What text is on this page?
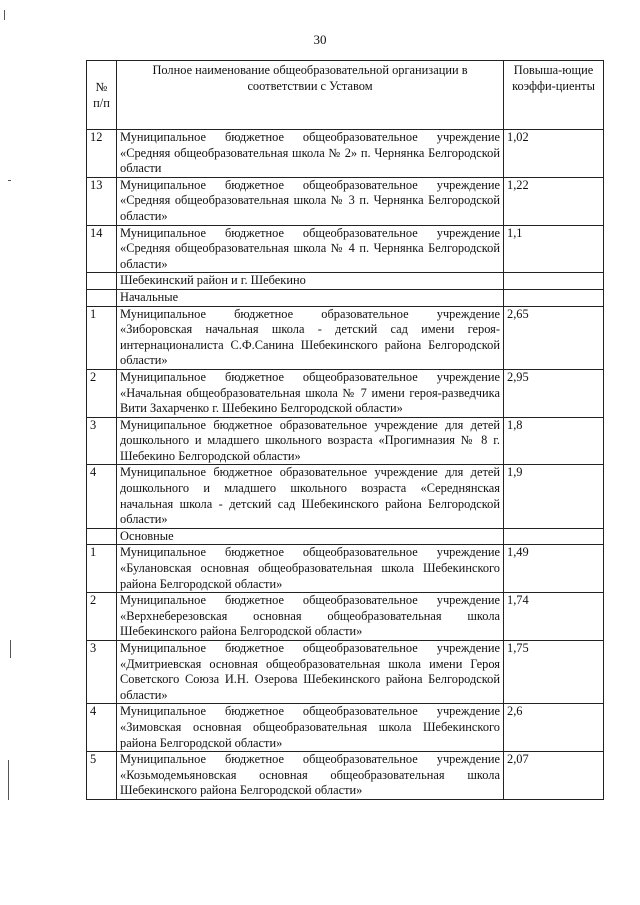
30
№ п/п	Полное наименование общеобразовательной организации в соответствии с Уставом	Повыша-ющие коэффи-циенты
12	Муниципальное бюджетное общеобразовательное учреждение «Средняя общеобразовательная школа № 2» п. Чернянка Белгородской области	1,02
13	Муниципальное бюджетное общеобразовательное учреждение «Средняя общеобразовательная школа № 3 п. Чернянка Белгородской области»	1,22
14	Муниципальное бюджетное общеобразовательное учреждение «Средняя общеобразовательная школа № 4 п. Чернянка Белгородской области»	1,1
	Шебекинский район и г. Шебекино	
	Начальные	
1	Муниципальное бюджетное образовательное учреждение «Зиборовская начальная школа - детский сад имени героя-интернационалиста С.Ф.Санина Шебекинского района Белгородской области»	2,65
2	Муниципальное бюджетное общеобразовательное учреждение «Начальная общеобразовательная школа № 7 имени героя-разведчика Вити Захарченко г. Шебекино Белгородской области»	2,95
3	Муниципальное бюджетное образовательное учреждение для детей дошкольного и младшего школьного возраста «Прогимназия № 8 г. Шебекино Белгородской области»	1,8
4	Муниципальное бюджетное образовательное учреждение для детей дошкольного и младшего школьного возраста «Середнянская начальная школа - детский сад Шебекинского района Белгородской области»	1,9
	Основные	
1	Муниципальное бюджетное общеобразовательное учреждение «Булановская основная общеобразовательная школа Шебекинского района Белгородской области»	1,49
2	Муниципальное бюджетное общеобразовательное учреждение «Верхнеберезовская основная общеобразовательная школа Шебекинского района Белгородской области»	1,74
3	Муниципальное бюджетное общеобразовательное учреждение «Дмитриевская основная общеобразовательная школа имени Героя Советского Союза И.Н. Озерова Шебекинского района Белгородской области»	1,75
4	Муниципальное бюджетное общеобразовательное учреждение «Зимовская основная общеобразовательная школа Шебекинского района Белгородской области»	2,6
5	Муниципальное бюджетное общеобразовательное учреждение «Козьмодемьяновская основная общеобразовательная школа Шебекинского района Белгородской области»	2,07
